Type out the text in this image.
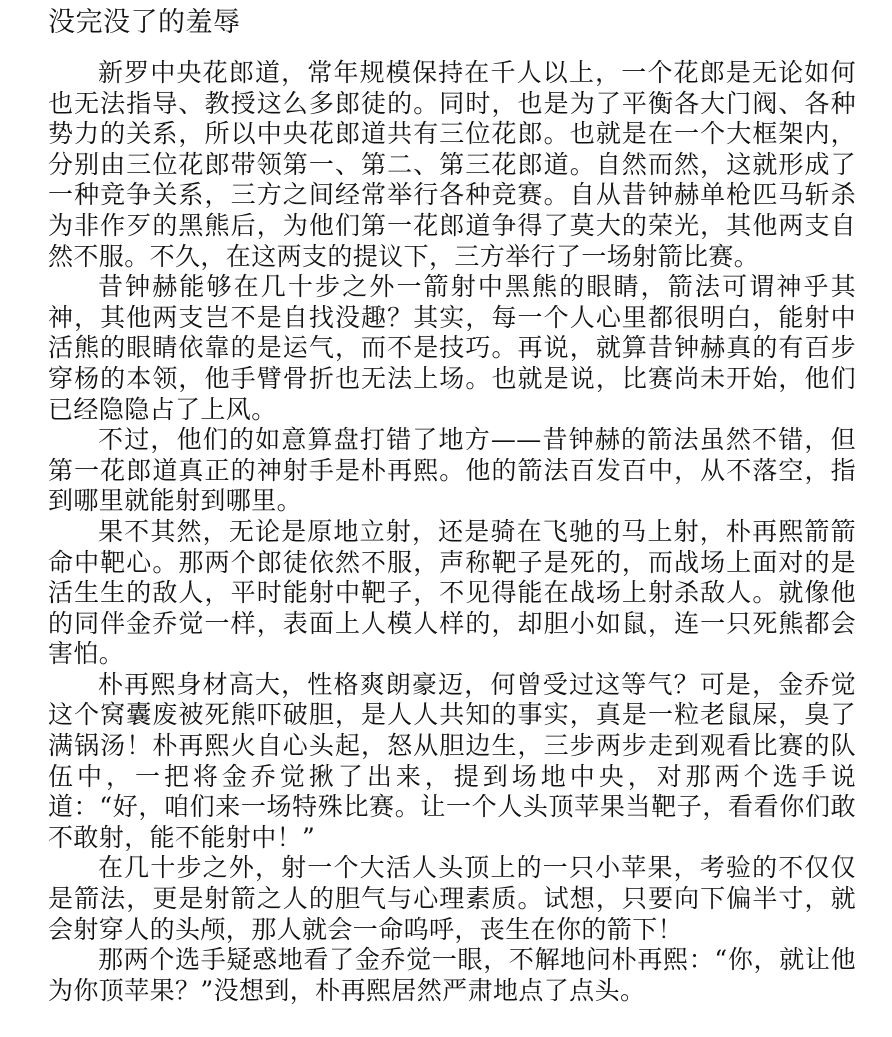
没完没了的羞辱

新罗中央花郎道，常年规模保持在千人以上，一个花郎是无论如何也无法指导、教授这么多郎徒的。同时，也是为了平衡各大门阀、各种势力的关系，所以中央花郎道共有三位花郎。也就是在一个大框架内，分别由三位花郎带领第一、第二、第三花郎道。自然而然，这就形成了一种竞争关系，三方之间经常举行各种竞赛。自从昔钟赫单枪匹马斩杀为非作歹的黑熊后，为他们第一花郎道争得了莫大的荣光，其他两支自然不服。不久，在这两支的提议下，三方举行了一场射箭比赛。

昔钟赫能够在几十步之外一箭射中黑熊的眼睛，箭法可谓神乎其神，其他两支岂不是自找没趣？其实，每一个人心里都很明白，能射中活熊的眼睛依靠的是运气，而不是技巧。再说，就算昔钟赫真的有百步穿杨的本领，他手臂骨折也无法上场。也就是说，比赛尚未开始，他们已经隐隐占了上风。

不过，他们的如意算盘打错了地方——昔钟赫的箭法虽然不错，但第一花郎道真正的神射手是朴再熙。他的箭法百发百中，从不落空，指到哪里就能射到哪里。

果不其然，无论是原地立射，还是骑在飞驰的马上射，朴再熙箭箭命中靶心。那两个郎徒依然不服，声称靶子是死的，而战场上面对的是活生生的敌人，平时能射中靶子，不见得能在战场上射杀敌人。就像他的同伴金乔觉一样，表面上人模人样的，却胆小如鼠，连一只死熊都会害怕。

朴再熙身材高大，性格爽朗豪迈，何曾受过这等气？可是，金乔觉这个窝囊废被死熊吓破胆，是人人共知的事实，真是一粒老鼠屎，臭了满锅汤！朴再熙火自心头起，怒从胆边生，三步两步走到观看比赛的队伍中，一把将金乔觉揪了出来，提到场地中央，对那两个选手说道：“好，咱们来一场特殊比赛。让一个人头顶苹果当靶子，看看你们敢不敢射，能不能射中！”

在几十步之外，射一个大活人头顶上的一只小苹果，考验的不仅仅是箭法，更是射箭之人的胆气与心理素质。试想，只要向下偏半寸，就会射穿人的头颅，那人就会一命呜呼，丧生在你的箭下！

那两个选手疑惑地看了金乔觉一眼，不解地问朴再熙：“你，就让他为你顶苹果？”没想到，朴再熙居然严肃地点了点头。
